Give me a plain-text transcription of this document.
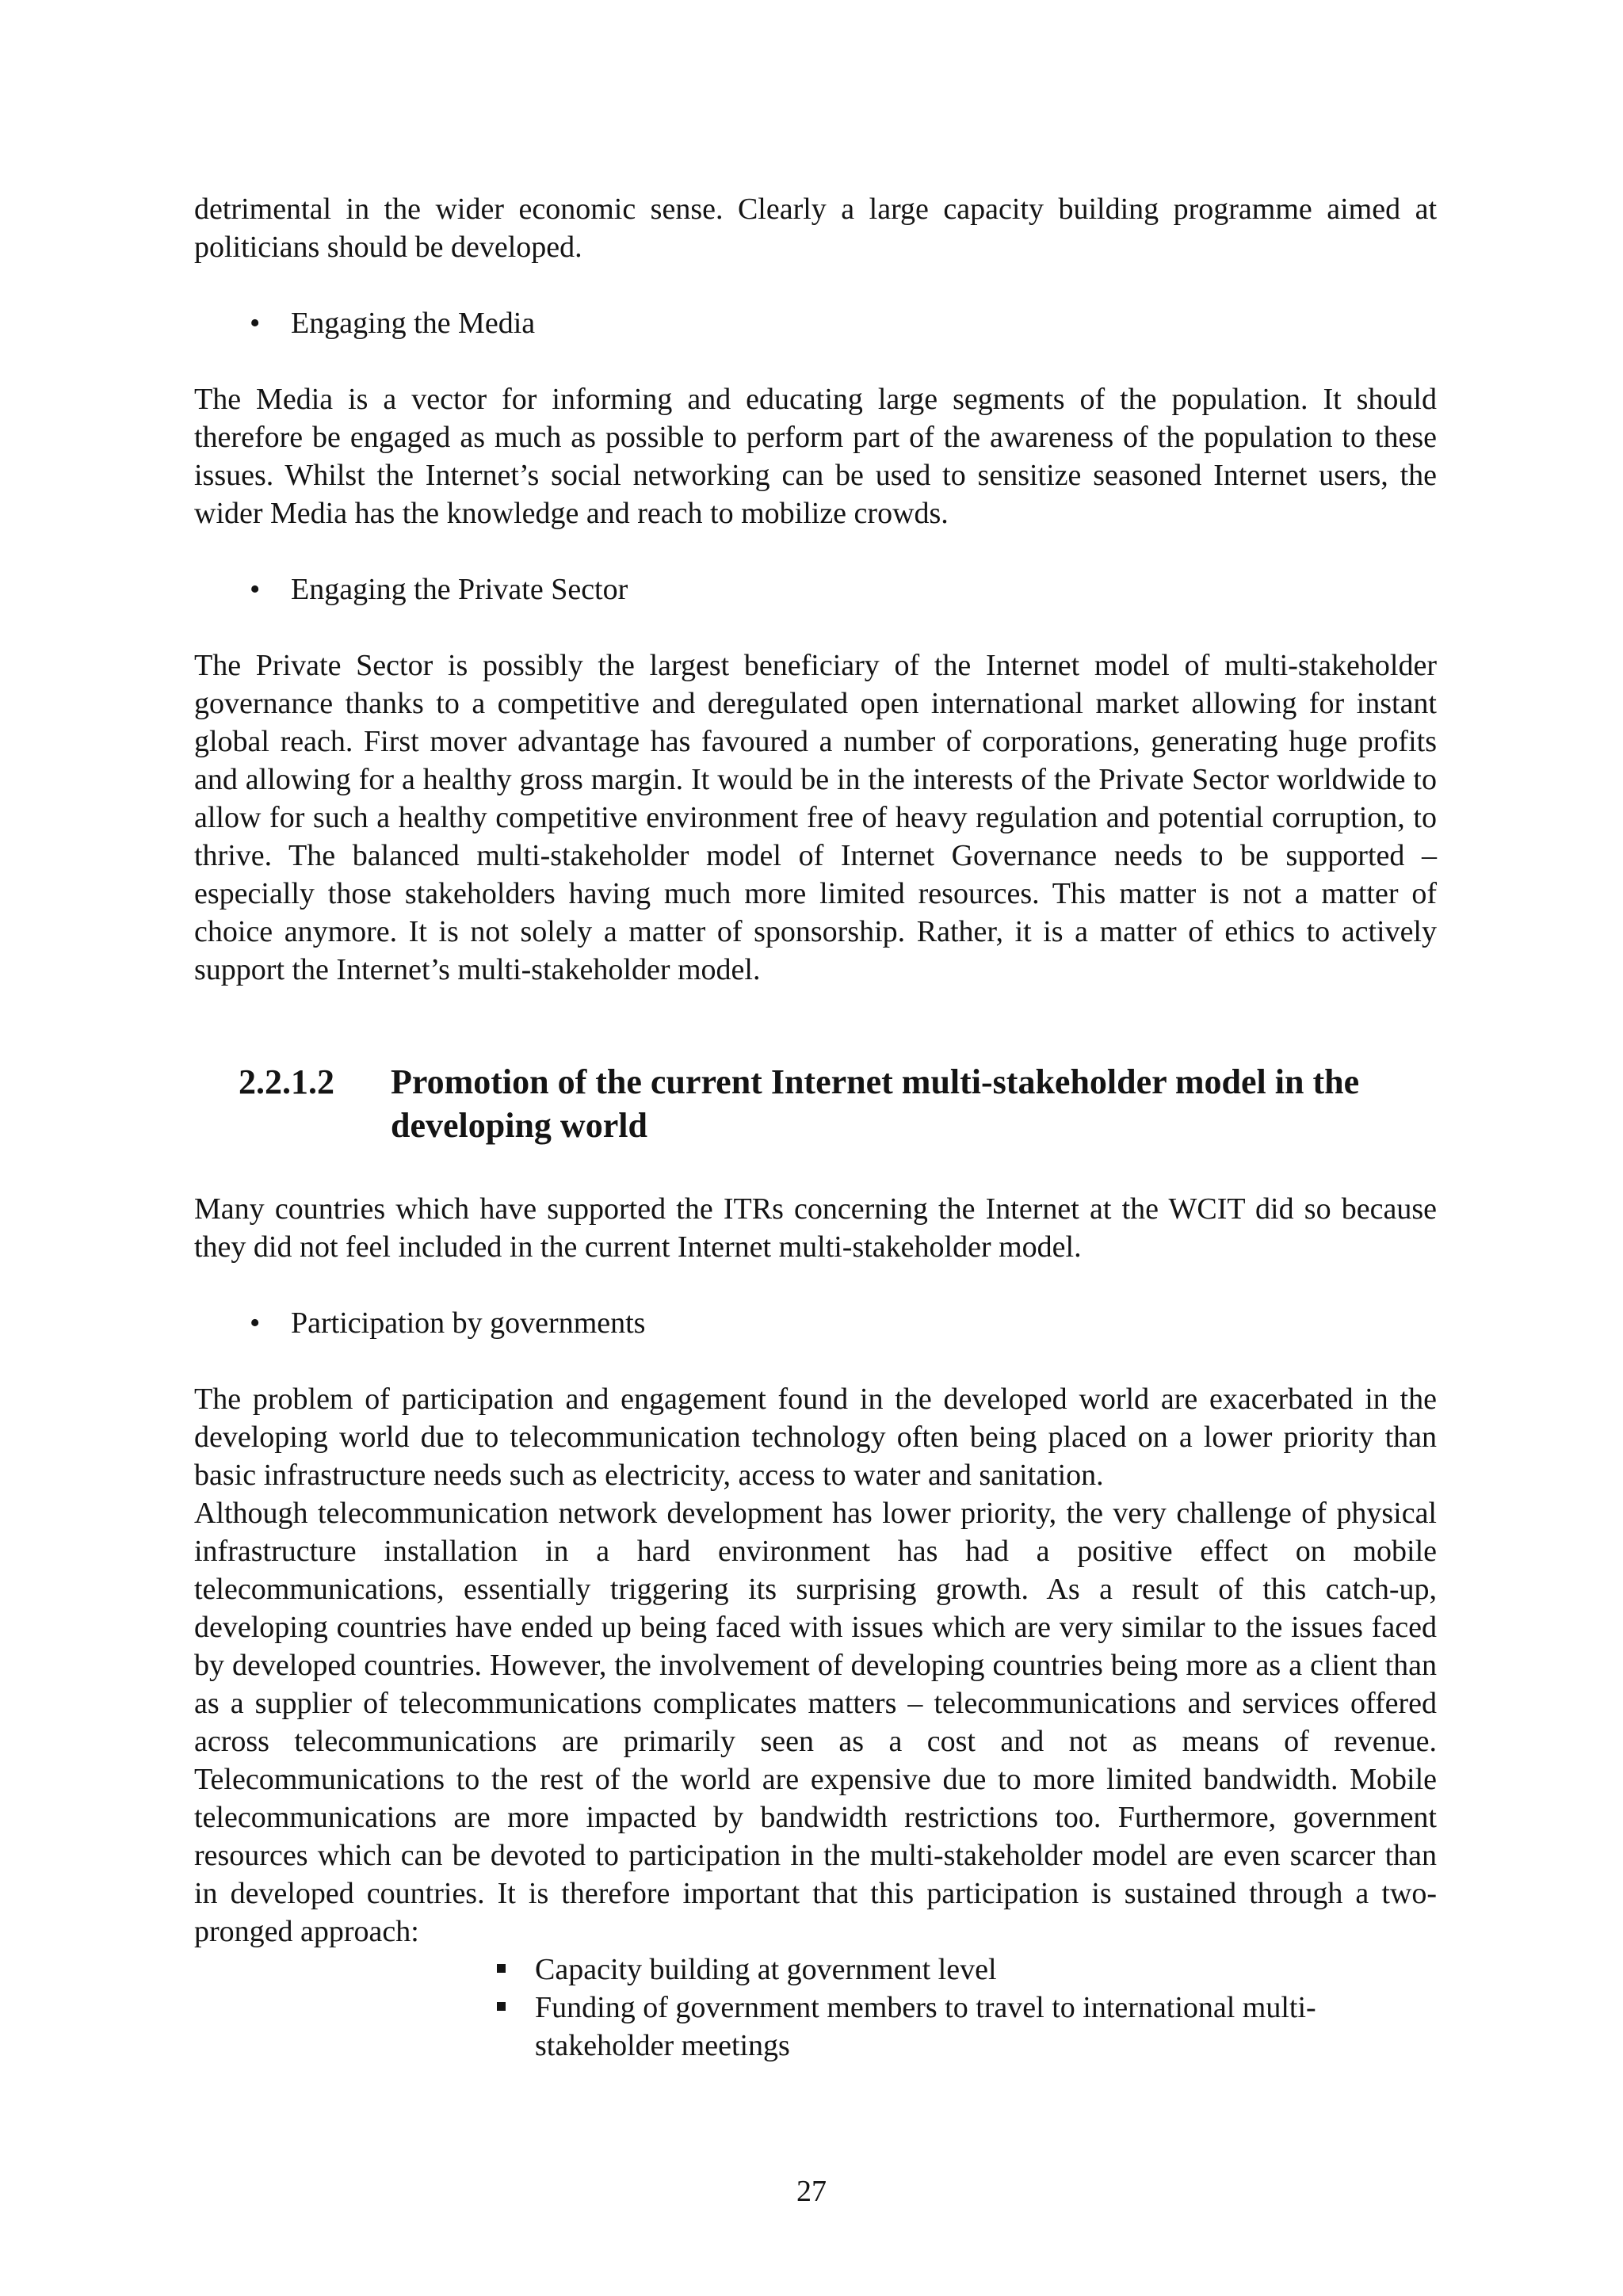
detrimental in the wider economic sense. Clearly a large capacity building programme aimed at politicians should be developed.

•	Engaging the Media

The Media is a vector for informing and educating large segments of the population. It should therefore be engaged as much as possible to perform part of the awareness of the population to these issues. Whilst the Internet’s social networking can be used to sensitize seasoned Internet users, the wider Media has the knowledge and reach to mobilize crowds.

•	Engaging the Private Sector

The Private Sector is possibly the largest beneficiary of the Internet model of multi-stakeholder governance thanks to a competitive and deregulated open international market allowing for instant global reach. First mover advantage has favoured a number of corporations, generating huge profits and allowing for a healthy gross margin. It would be in the interests of the Private Sector worldwide to allow for such a healthy competitive environment free of heavy regulation and potential corruption, to thrive. The balanced multi-stakeholder model of Internet Governance needs to be supported – especially those stakeholders having much more limited resources. This matter is not a matter of choice anymore. It is not solely a matter of sponsorship. Rather, it is a matter of ethics to actively support the Internet’s multi-stakeholder model.

2.2.1.2 Promotion of the current Internet multi-stakeholder model in the developing world

Many countries which have supported the ITRs concerning the Internet at the WCIT did so because they did not feel included in the current Internet multi-stakeholder model.

•	Participation by governments

The problem of participation and engagement found in the developed world are exacerbated in the developing world due to telecommunication technology often being placed on a lower priority than basic infrastructure needs such as electricity, access to water and sanitation.

Although telecommunication network development has lower priority, the very challenge of physical infrastructure installation in a hard environment has had a positive effect on mobile telecommunications, essentially triggering its surprising growth. As a result of this catch-up, developing countries have ended up being faced with issues which are very similar to the issues faced by developed countries. However, the involvement of developing countries being more as a client than as a supplier of telecommunications complicates matters – telecommunications and services offered across telecommunications are primarily seen as a cost and not as means of revenue. Telecommunications to the rest of the world are expensive due to more limited bandwidth. Mobile telecommunications are more impacted by bandwidth restrictions too. Furthermore, government resources which can be devoted to participation in the multi-stakeholder model are even scarcer than in developed countries. It is therefore important that this participation is sustained through a two-pronged approach:

Capacity building at government level
Funding of government members to travel to international multi-stakeholder meetings
27
